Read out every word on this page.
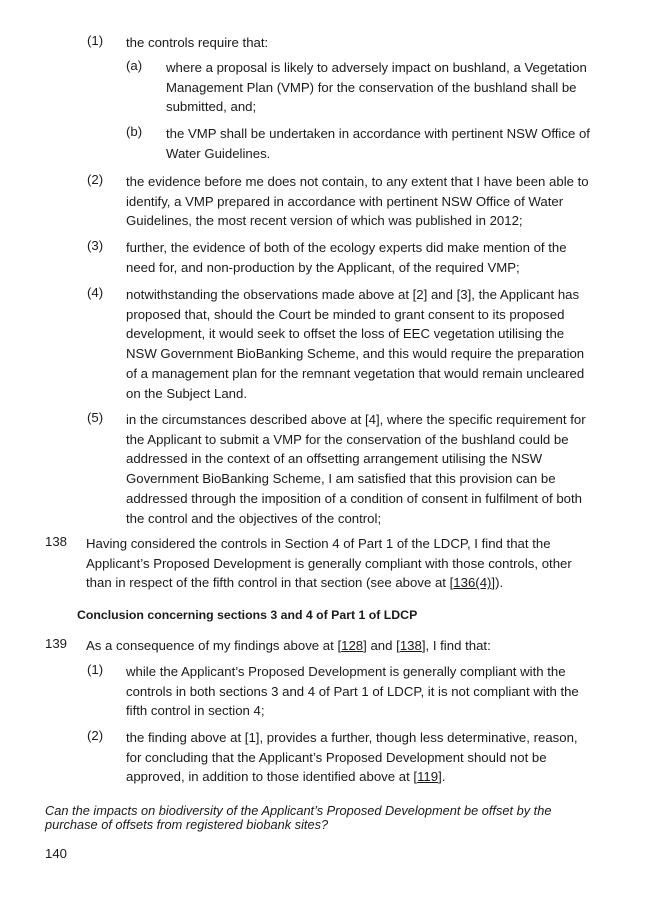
(1) the controls require that:
(a) where a proposal is likely to adversely impact on bushland, a Vegetation Management Plan (VMP) for the conservation of the bushland shall be submitted, and;
(b) the VMP shall be undertaken in accordance with pertinent NSW Office of Water Guidelines.
(2) the evidence before me does not contain, to any extent that I have been able to identify, a VMP prepared in accordance with pertinent NSW Office of Water Guidelines, the most recent version of which was published in 2012;
(3) further, the evidence of both of the ecology experts did make mention of the need for, and non-production by the Applicant, of the required VMP;
(4) notwithstanding the observations made above at [2] and [3], the Applicant has proposed that, should the Court be minded to grant consent to its proposed development, it would seek to offset the loss of EEC vegetation utilising the NSW Government BioBanking Scheme, and this would require the preparation of a management plan for the remnant vegetation that would remain uncleared on the Subject Land.
(5) in the circumstances described above at [4], where the specific requirement for the Applicant to submit a VMP for the conservation of the bushland could be addressed in the context of an offsetting arrangement utilising the NSW Government BioBanking Scheme, I am satisfied that this provision can be addressed through the imposition of a condition of consent in fulfilment of both the control and the objectives of the control;
138 Having considered the controls in Section 4 of Part 1 of the LDCP, I find that the Applicant’s Proposed Development is generally compliant with those controls, other than in respect of the fifth control in that section (see above at [136(4)]).
Conclusion concerning sections 3 and 4 of Part 1 of LDCP
139 As a consequence of my findings above at [128] and [138], I find that:
(1) while the Applicant’s Proposed Development is generally compliant with the controls in both sections 3 and 4 of Part 1 of LDCP, it is not compliant with the fifth control in section 4;
(2) the finding above at [1], provides a further, though less determinative, reason, for concluding that the Applicant’s Proposed Development should not be approved, in addition to those identified above at [119].
Can the impacts on biodiversity of the Applicant’s Proposed Development be offset by the purchase of offsets from registered biobank sites?
140
